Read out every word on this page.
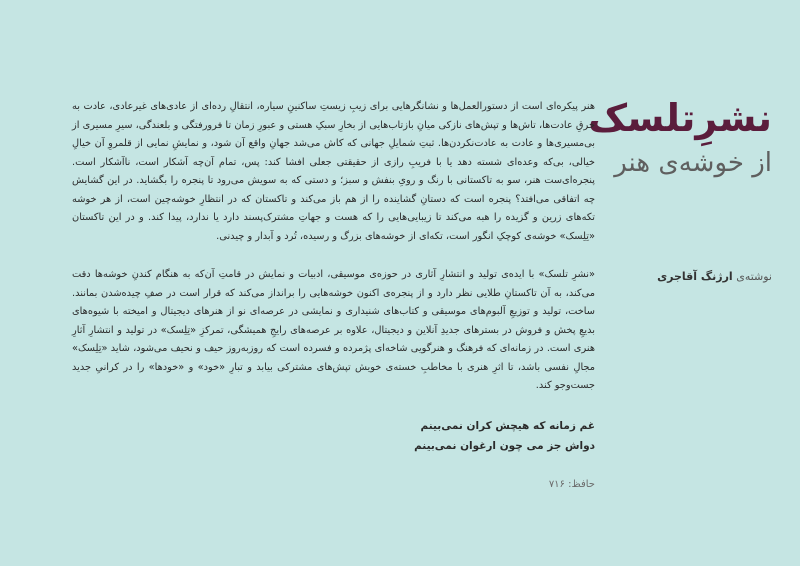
نشرِتلسک
از خوشه‌ی هنر
نوشته‌ی ارژنگ آقاجری

هنر پیکره‌ای است از دستورالعمل‌ها و نشانگرهایی برای زیبِ زیستِ ساکنینِ سیاره، انتقالِ رده‌ای از عادی‌های غیرعادی، عادت به خرقِ عادت‌ها، تاش‌ها و تپش‌های نازکی میانِ بازتاب‌هایی از بخارِ سبکِ هستی و عبورِ زمان تا فرورفتگی و بلعندگی، سیرِ مسیری از بی‌مسیری‌ها و عادت به عادت‌نکردن‌ها. ثبتِ شمایلِ جهانی که کاش می‌شد جهانِ واقع آن شود، و نمایشِ نمایی از قلمروِ آن خیالِ خیالی، بی‌که وعده‌ای شسته دهد یا با فریبِ رازی از حقیقتی جعلی افشا کند: پس، تمام آن‌چه آشکار است، ناآشکار است. پنجره‌ای‌ست هنر، سو به تاکستانی با رنگ و رویِ بنفش و سبز؛ و دستی که به سویش می‌رود تا پنجره را بگشاید. در این گشایش چه اتفاقی می‌افتد؟ پنجره است که دستانِ گشاینده را از هم باز می‌کند و تاکستان که در انتظارِ خوشه‌چین است، از هر خوشه تکه‌های زرین و گزیده را هبه می‌کند تا زیبایی‌هایی را که هست و جهاتِ مشترک‌پسند دارد یا ندارد، پیدا کند. و در این تاکستان «تِلِسک» خوشه‌ی کوچکِ انگور است، تکه‌ای از خوشه‌های بزرگ و رسیده، تُرد و آبدار و چیدنی.

«نشرِ تلسک» با ایده‌ی تولید و انتشارِ آثاری در حوزه‌ی موسیقی، ادبیات و نمایش در قامتِ آن‌که به هنگام کندنِ خوشه‌ها دقت می‌کند، به آن تاکستانِ طلایی نظر دارد و از پنجره‌ی اکنون خوشه‌هایی را برانداز می‌کند که قرار است در صفِ چیده‌شدن بمانند. ساخت، تولید و توزیعِ آلبوم‌های موسیقی و کتاب‌های شنیداری و نمایشی در عرصه‌ای نو از هنرهای دیجیتال و امیخته با شیوه‌های بدیعِ پخش و فروش در بسترهای جدیدِ آنلاین و دیجیتال، علاوه بر عرصه‌های رایجِ همیشگی، تمرکزِ «تِلِسک» در تولید و انتشارِ آثارِ هنری است. در زمانه‌ای که فرهنگ و هنرگویی شاخه‌ای پژمرده و فسرده است که روزبه‌روز حیف و نحیف می‌شود، شاید «تِلِسک» مجالِ نفسی باشد، تا اثرِ هنری با مخاطبِ خسته‌ی خویش تپش‌های مشترکی بیابد و تبارِ «خود» و «خودها» را در کرانیِ جدید جست‌وجو کند.

غم زمانه که هیچش کران نمی‌بینم
دواش جز می چون ارغوان نمی‌بینم
حافظ: ۷۱۶
